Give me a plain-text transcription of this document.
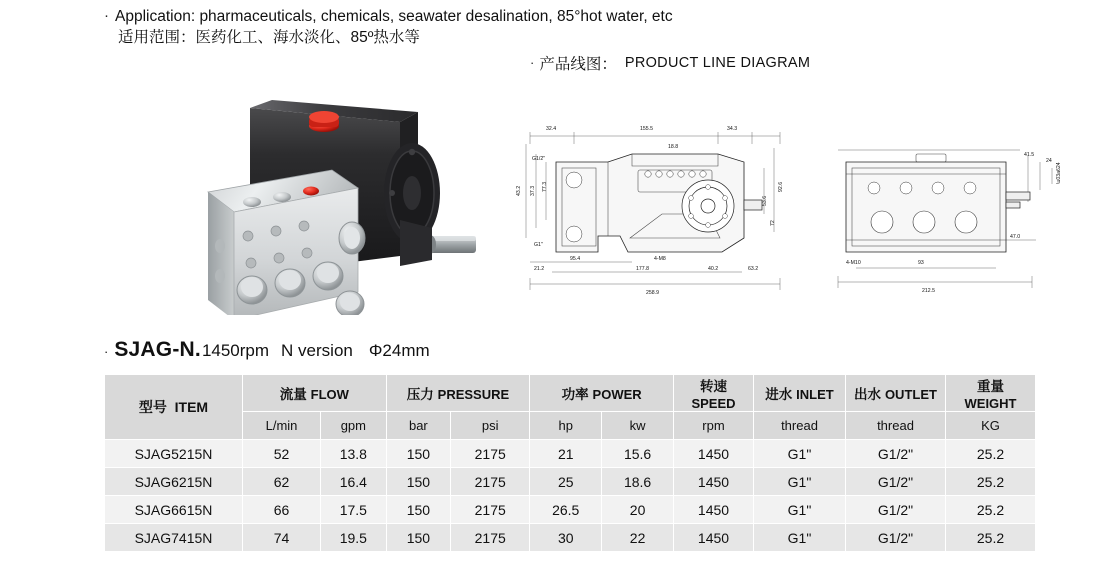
· Application: pharmaceuticals, chemicals, seawater desalination, 85°hot water, etc
适用范围：医药化工、海水淡化、85º热水等
· 产品线图： PRODUCT LINE DIAGRAM
32.4	155.5	34.3
18.8
43.2 37.3 77.3	92.6
53.6
72
21.2
95.4
177.8	40.2	63.2
258.9
G1/2"
G1"
4-M8
41.5
24
\u03a624
47.0
93
212.5
4-M10
· SJAG-N. 1450rpm N version Φ24mm
型号 ITEM	流量 FLOW		压力 PRESSURE		功率 POWER		转速 SPEED	进水 INLET	出水 OUTLET	重量 WEIGHT
	L/min	gpm	bar	psi	hp	kw	rpm	thread	thread	KG
SJAG5215N	52	13.8	150	2175	21	15.6	1450	G1"	G1/2"	25.2
SJAG6215N	62	16.4	150	2175	25	18.6	1450	G1"	G1/2"	25.2
SJAG6615N	66	17.5	150	2175	26.5	20	1450	G1"	G1/2"	25.2
SJAG7415N	74	19.5	150	2175	30	22	1450	G1"	G1/2"	25.2
